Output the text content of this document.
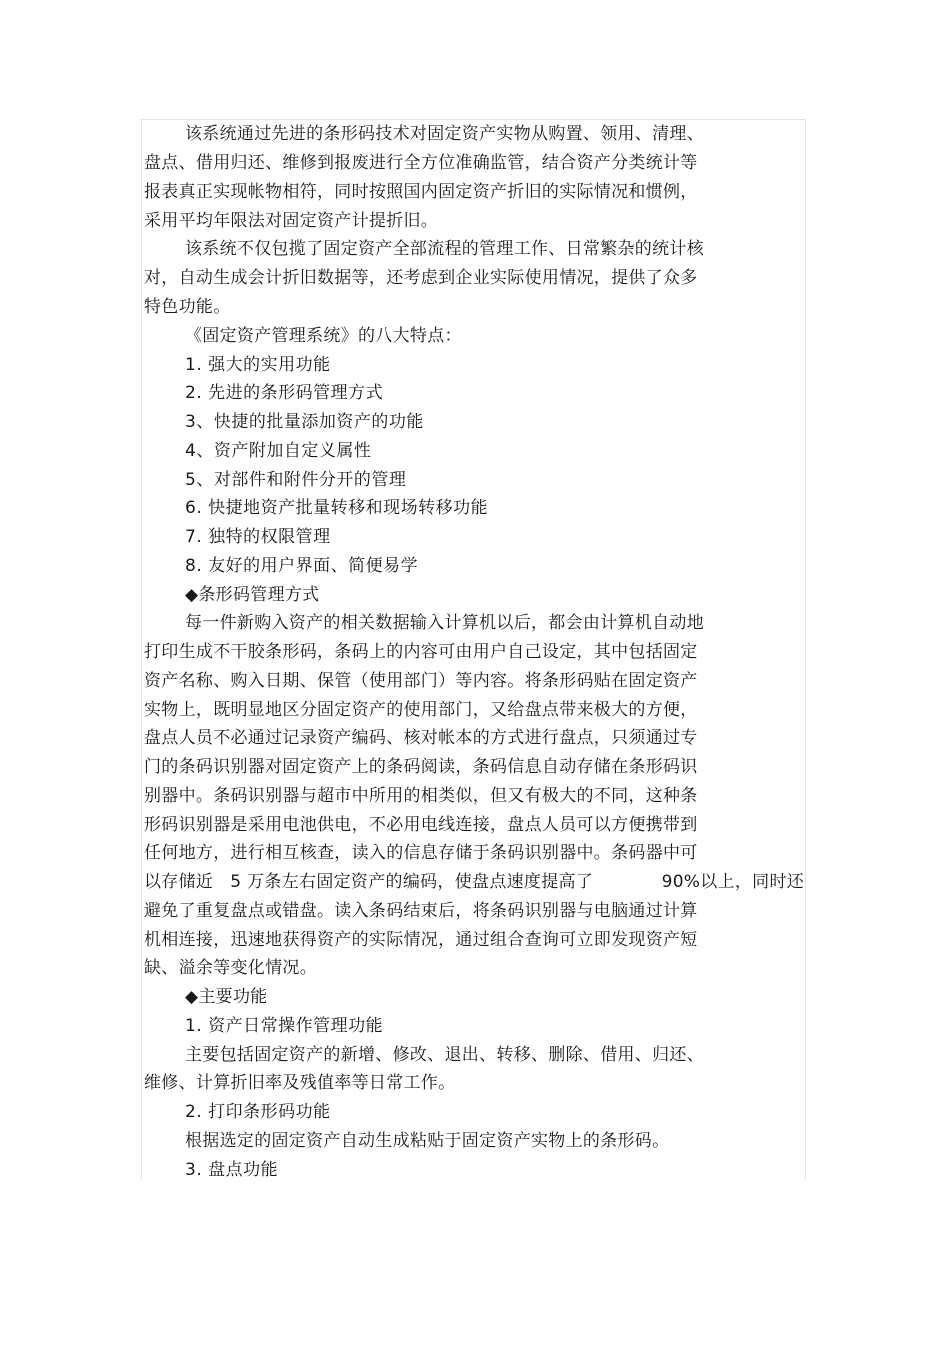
该系统通过先进的条形码技术对固定资产实物从购置、领用、清理、
盘点、借用归还、维修到报废进行全方位准确监管，结合资产分类统计等
报表真正实现帐物相符，同时按照国内固定资产折旧的实际情况和惯例，
采用平均年限法对固定资产计提折旧。
该系统不仅包揽了固定资产全部流程的管理工作、日常繁杂的统计核
对，自动生成会计折旧数据等，还考虑到企业实际使用情况，提供了众多
特色功能。
《固定资产管理系统》的八大特点：
1. 强大的实用功能
2. 先进的条形码管理方式
3、快捷的批量添加资产的功能
4、资产附加自定义属性
5、对部件和附件分开的管理
6. 快捷地资产批量转移和现场转移功能
7. 独特的权限管理
8. 友好的用户界面、简便易学
◆条形码管理方式
每一件新购入资产的相关数据输入计算机以后，都会由计算机自动地
打印生成不干胶条形码，条码上的内容可由用户自己设定，其中包括固定
资产名称、购入日期、保管（使用部门）等内容。将条形码贴在固定资产
实物上，既明显地区分固定资产的使用部门，又给盘点带来极大的方便，
盘点人员不必通过记录资产编码、核对帐本的方式进行盘点，只须通过专
门的条码识别器对固定资产上的条码阅读，条码信息自动存储在条形码识
别器中。条码识别器与超市中所用的相类似，但又有极大的不同，这种条
形码识别器是采用电池供电，不必用电线连接，盘点人员可以方便携带到
任何地方，进行相互核查，读入的信息存储于条码识别器中。条码器中可
以存储近   5 万条左右固定资产的编码，使盘点速度提高了            90%以上，同时还
避免了重复盘点或错盘。读入条码结束后，将条码识别器与电脑通过计算
机相连接，迅速地获得资产的实际情况，通过组合查询可立即发现资产短
缺、溢余等变化情况。
◆主要功能
1. 资产日常操作管理功能
主要包括固定资产的新增、修改、退出、转移、删除、借用、归还、
维修、计算折旧率及残值率等日常工作。
2. 打印条形码功能
根据选定的固定资产自动生成粘贴于固定资产实物上的条形码。
3. 盘点功能
